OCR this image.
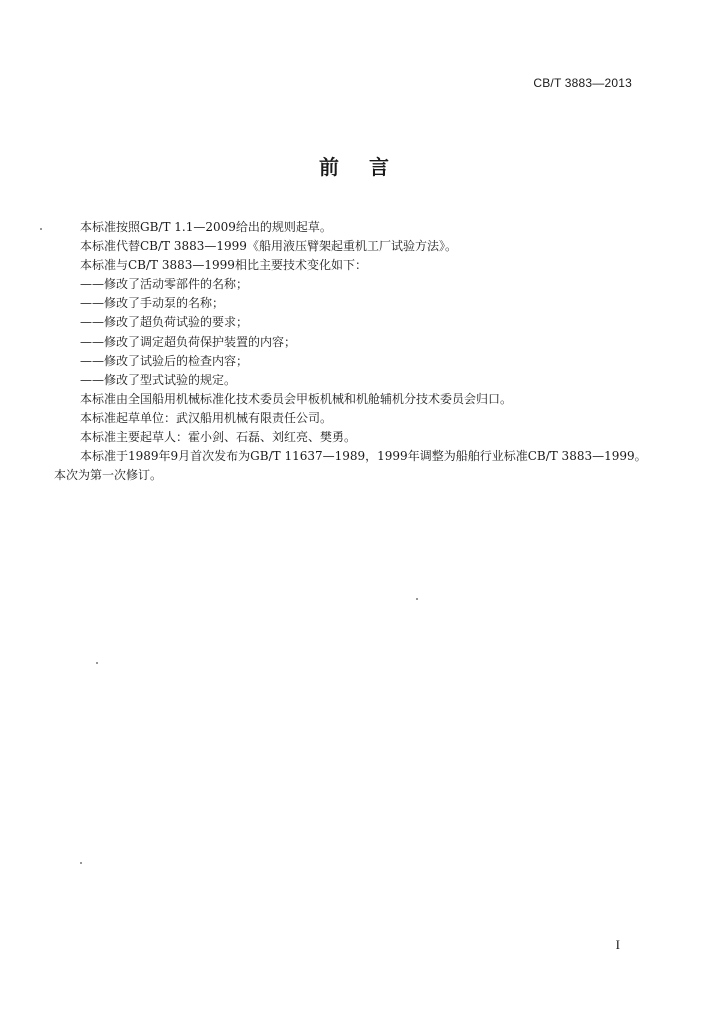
CB/T 3883—2013
前言
本标准按照GB/T 1.1—2009给出的规则起草。
本标准代替CB/T 3883—1999《船用液压臂架起重机工厂试验方法》。
本标准与CB/T 3883—1999相比主要技术变化如下：
——修改了活动零部件的名称；
——修改了手动泵的名称；
——修改了超负荷试验的要求；
——修改了调定超负荷保护装置的内容；
——修改了试验后的检查内容；
——修改了型式试验的规定。
本标准由全国船用机械标准化技术委员会甲板机械和机舱辅机分技术委员会归口。
本标准起草单位：武汉船用机械有限责任公司。
本标准主要起草人：霍小剑、石磊、刘红亮、樊勇。
本标准于1989年9月首次发布为GB/T 11637—1989，1999年调整为船舶行业标准CB/T 3883—1999。
本次为第一次修订。
I
